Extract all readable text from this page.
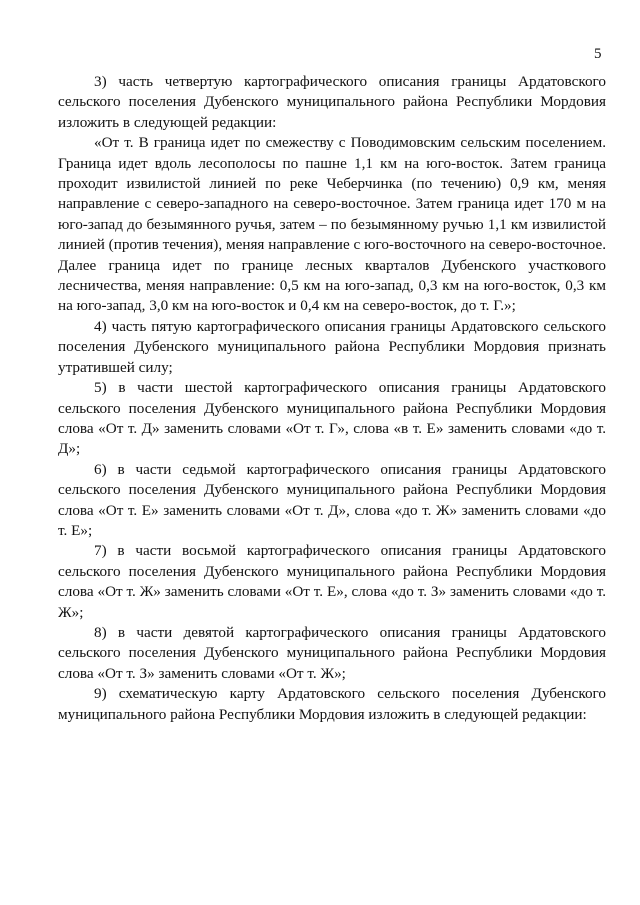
5

3) часть четвертую картографического описания границы Ардатовского сельского поселения Дубенского муниципального района Республики Мордовия изложить в следующей редакции:

«От т. В граница идет по смежеству с Поводимовским сельским поселением. Граница идет вдоль лесополосы по пашне 1,1 км на юго-восток. Затем граница проходит извилистой линией по реке Чеберчинка (по течению) 0,9 км, меняя направление с северо-западного на северо-восточное. Затем граница идет 170 м на юго-запад до безымянного ручья, затем – по безымянному ручью 1,1 км извилистой линией (против течения), меняя направление с юго-восточного на северо-восточное. Далее граница идет по границе лесных кварталов Дубенского участкового лесничества, меняя направление: 0,5 км на юго-запад, 0,3 км на юго-восток, 0,3 км на юго-запад, 3,0 км на юго-восток и 0,4 км на северо-восток, до т. Г.»;

4) часть пятую картографического описания границы Ардатовского сельского поселения Дубенского муниципального района Республики Мордовия признать утратившей силу;

5) в части шестой картографического описания границы Ардатовского сельского поселения Дубенского муниципального района Республики Мордовия слова «От т. Д» заменить словами «От т. Г», слова «в т. Е» заменить словами «до т. Д»;

6) в части седьмой картографического описания границы Ардатовского сельского поселения Дубенского муниципального района Республики Мордовия слова «От т. Е» заменить словами «От т. Д», слова «до т. Ж» заменить словами «до т. Е»;

7) в части восьмой картографического описания границы Ардатовского сельского поселения Дубенского муниципального района Республики Мордовия слова «От т. Ж» заменить словами «От т. Е», слова «до т. З» заменить словами «до т. Ж»;

8) в части девятой картографического описания границы Ардатовского сельского поселения Дубенского муниципального района Республики Мордовия слова «От т. З» заменить словами «От т. Ж»;

9) схематическую карту Ардатовского сельского поселения Дубенского муниципального района Республики Мордовия изложить в следующей редакции:
